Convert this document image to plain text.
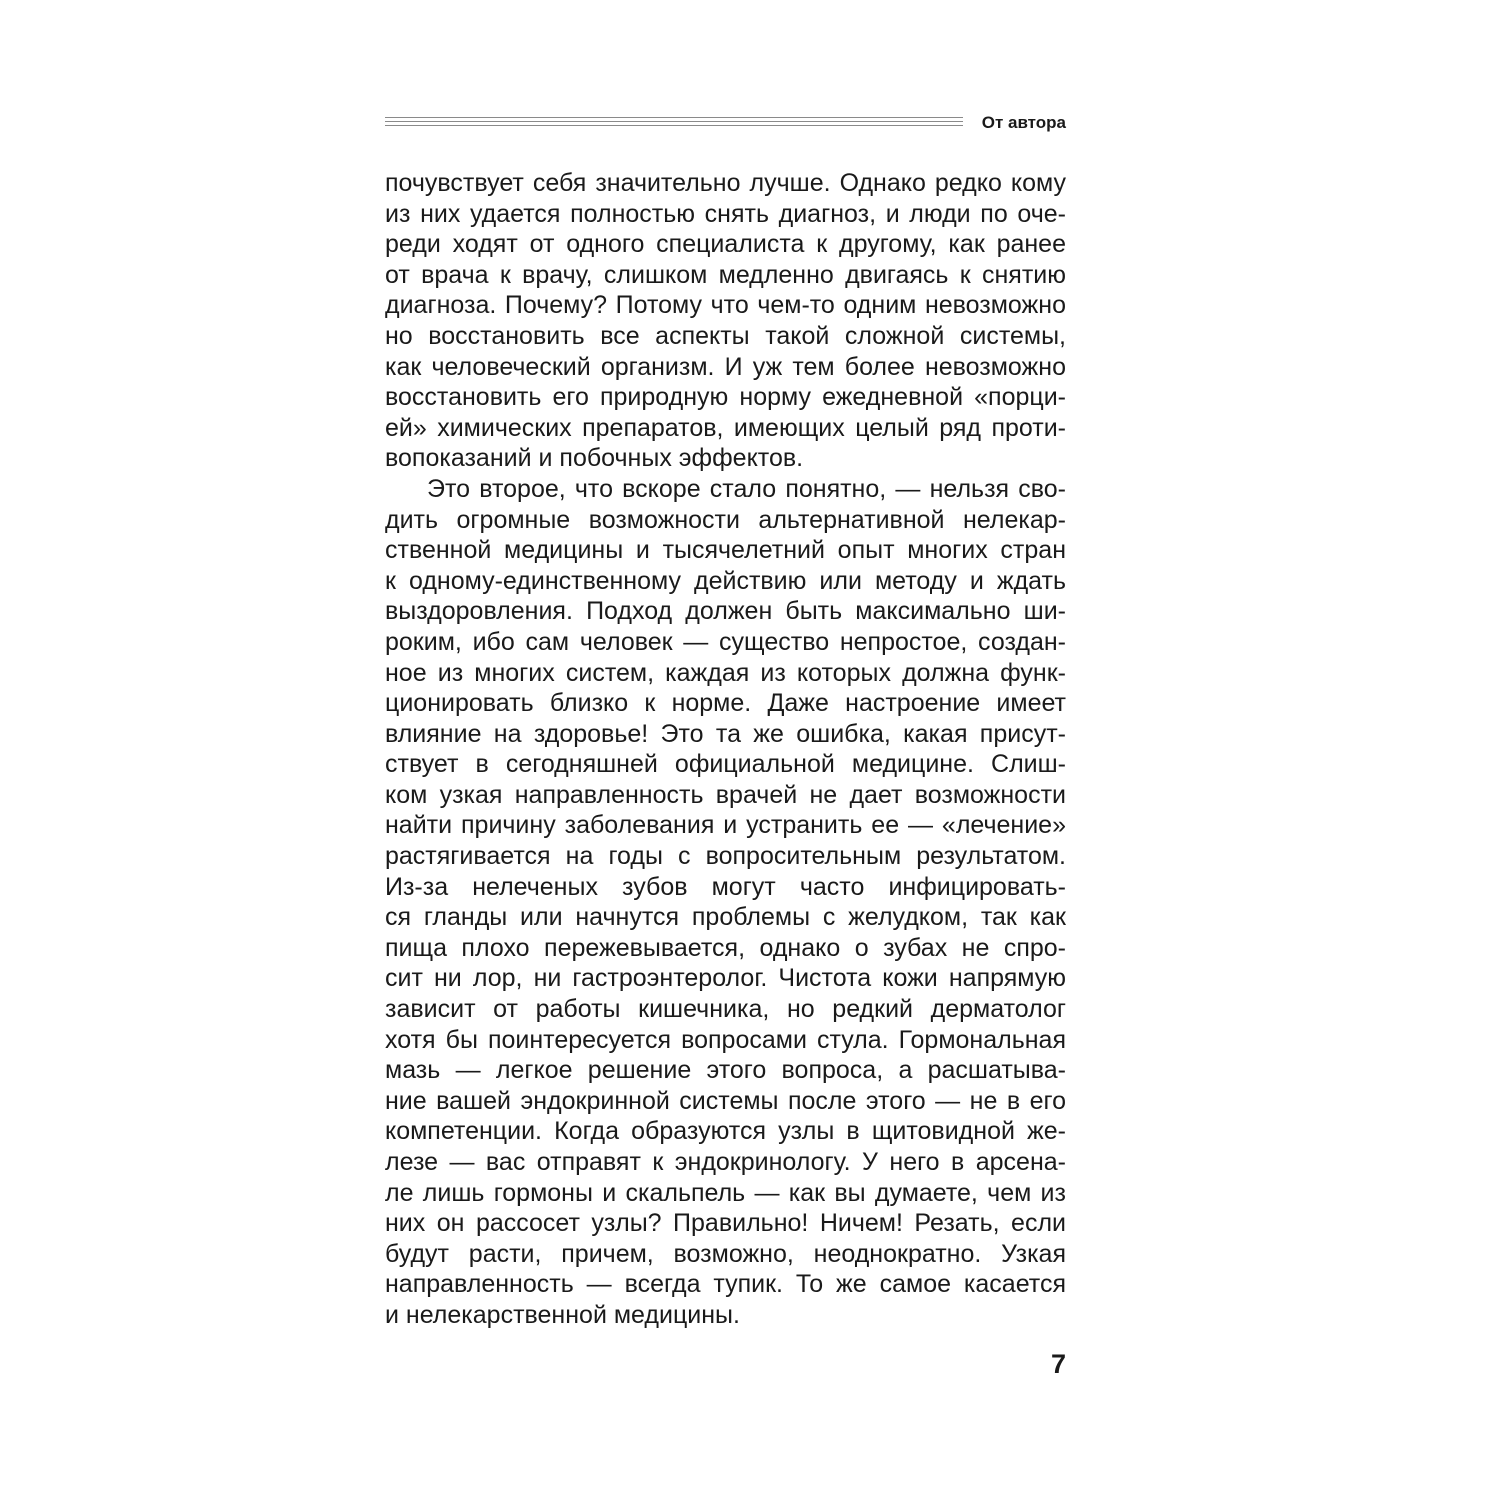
От автора
почувствует себя значительно лучше. Однако редко кому
из них удается полностью снять диагноз, и люди по оче-
реди ходят от одного специалиста к другому, как ранее
от врача к врачу, слишком медленно двигаясь к снятию
диагноза. Почему? Потому что чем-то одним невозможно
но восстановить все аспекты такой сложной системы,
как человеческий организм. И уж тем более невозможно
восстановить его природную норму ежедневной «порци-
ей» химических препаратов, имеющих целый ряд проти-
вопоказаний и побочных эффектов.
Это второе, что вскоре стало понятно, — нельзя сво-
дить огромные возможности альтернативной нелекар-
ственной медицины и тысячелетний опыт многих стран
к одному-единственному действию или методу и ждать
выздоровления. Подход должен быть максимально ши-
роким, ибо сам человек — существо непростое, создан-
ное из многих систем, каждая из которых должна функ-
ционировать близко к норме. Даже настроение имеет
влияние на здоровье! Это та же ошибка, какая присут-
ствует в сегодняшней официальной медицине. Слиш-
ком узкая направленность врачей не дает возможности
найти причину заболевания и устранить ее — «лечение»
растягивается на годы с вопросительным результатом.
Из-за нелеченых зубов могут часто инфицировать-
ся гланды или начнутся проблемы с желудком, так как
пища плохо пережевывается, однако о зубах не спро-
сит ни лор, ни гастроэнтеролог. Чистота кожи напрямую
зависит от работы кишечника, но редкий дерматолог
хотя бы поинтересуется вопросами стула. Гормональная
мазь — легкое решение этого вопроса, а расшатыва-
ние вашей эндокринной системы после этого — не в его
компетенции. Когда образуются узлы в щитовидной же-
лезе — вас отправят к эндокринологу. У него в арсена-
ле лишь гормоны и скальпель — как вы думаете, чем из
них он рассосет узлы? Правильно! Ничем! Резать, если
будут расти, причем, возможно, неоднократно. Узкая
направленность — всегда тупик. То же самое касается
и нелекарственной медицины.
7
